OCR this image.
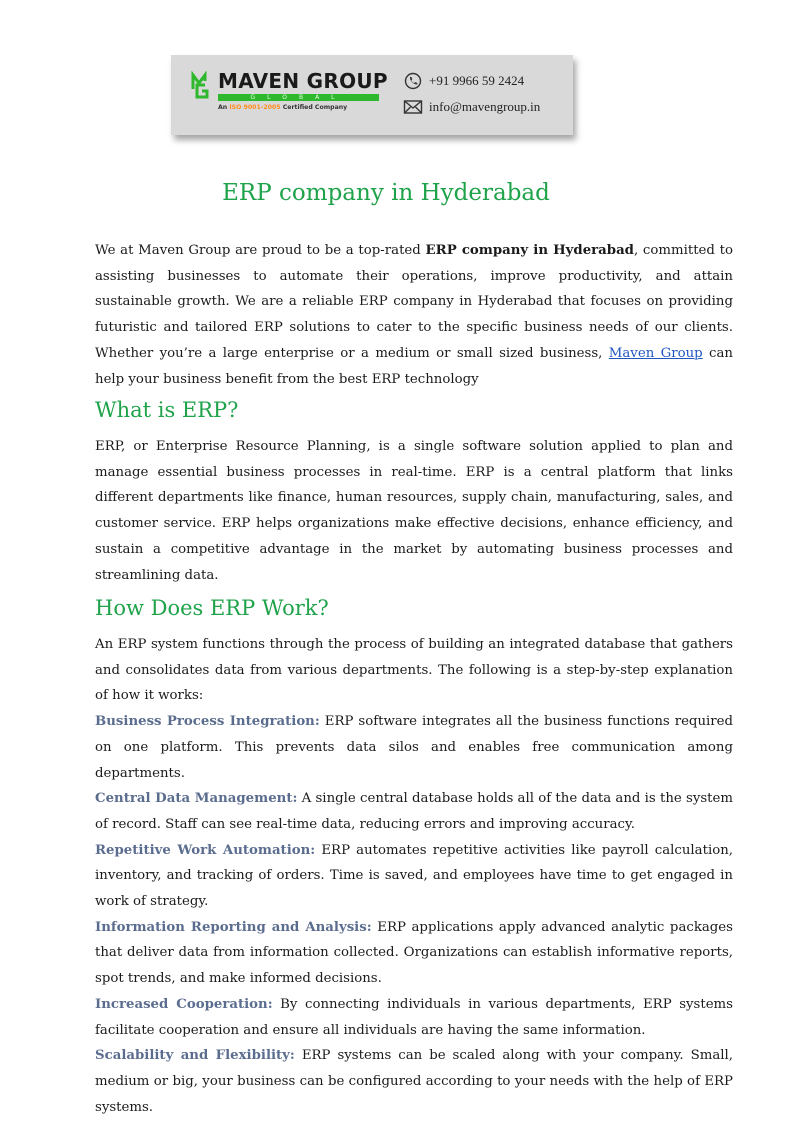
MAVEN GROUP
GLOBAL
An ISO 9001-2005 Certified Company
+91 9966 59 2424
info@mavengroup.in
ERP company in Hyderabad

We at Maven Group are proud to be a top-rated ERP company in Hyderabad, committed to assisting businesses to automate their operations, improve productivity, and attain sustainable growth. We are a reliable ERP company in Hyderabad that focuses on providing futuristic and tailored ERP solutions to cater to the specific business needs of our clients. Whether you’re a large enterprise or a medium or small sized business, Maven Group can help your business benefit from the best ERP technology

What is ERP?

ERP, or Enterprise Resource Planning, is a single software solution applied to plan and manage essential business processes in real-time. ERP is a central platform that links different departments like finance, human resources, supply chain, manufacturing, sales, and customer service. ERP helps organizations make effective decisions, enhance efficiency, and sustain a competitive advantage in the market by automating business processes and streamlining data.

How Does ERP Work?
An ERP system functions through the process of building an integrated database that gathers and consolidates data from various departments. The following is a step-by-step explanation of how it works:
Business Process Integration: ERP software integrates all the business functions required on one platform. This prevents data silos and enables free communication among departments.
Central Data Management: A single central database holds all of the data and is the system of record. Staff can see real-time data, reducing errors and improving accuracy.
Repetitive Work Automation: ERP automates repetitive activities like payroll calculation, inventory, and tracking of orders. Time is saved, and employees have time to get engaged in work of strategy.
Information Reporting and Analysis: ERP applications apply advanced analytic packages that deliver data from information collected. Organizations can establish informative reports, spot trends, and make informed decisions.
Increased Cooperation: By connecting individuals in various departments, ERP systems facilitate cooperation and ensure all individuals are having the same information.
Scalability and Flexibility: ERP systems can be scaled along with your company. Small, medium or big, your business can be configured according to your needs with the help of ERP systems.
